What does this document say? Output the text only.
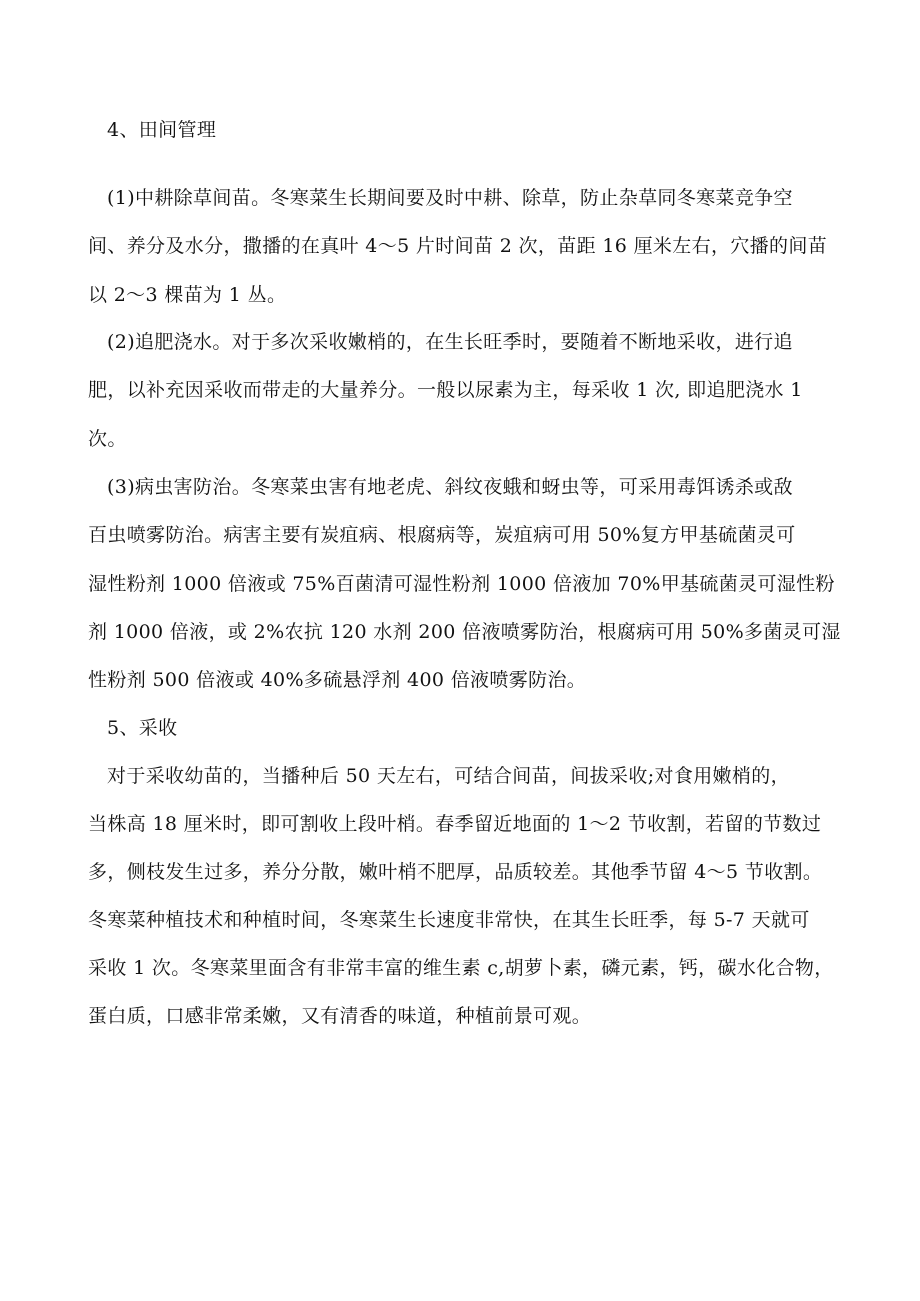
4、田间管理
(1)中耕除草间苗。冬寒菜生长期间要及时中耕、除草，防止杂草同冬寒菜竞争空
间、养分及水分，撒播的在真叶 4～5 片时间苗 2 次，苗距 16 厘米左右，穴播的间苗
以 2～3 棵苗为 1 丛。
(2)追肥浇水。对于多次采收嫩梢的，在生长旺季时，要随着不断地采收，进行追
肥，以补充因采收而带走的大量养分。一般以尿素为主，每采收 1 次, 即追肥浇水 1
次。
(3)病虫害防治。冬寒菜虫害有地老虎、斜纹夜蛾和蚜虫等，可采用毒饵诱杀或敌
百虫喷雾防治。病害主要有炭疽病、根腐病等，炭疽病可用 50%复方甲基硫菌灵可
湿性粉剂 1000 倍液或 75%百菌清可湿性粉剂 1000 倍液加 70%甲基硫菌灵可湿性粉
剂 1000 倍液，或 2%农抗 120 水剂 200 倍液喷雾防治，根腐病可用 50%多菌灵可湿
性粉剂 500 倍液或 40%多硫悬浮剂 400 倍液喷雾防治。
5、采收
对于采收幼苗的，当播种后 50 天左右，可结合间苗，间拔采收;对食用嫩梢的，
当株高 18 厘米时，即可割收上段叶梢。春季留近地面的 1～2 节收割，若留的节数过
多，侧枝发生过多，养分分散，嫩叶梢不肥厚，品质较差。其他季节留 4～5 节收割。
冬寒菜种植技术和种植时间，冬寒菜生长速度非常快，在其生长旺季，每 5-7 天就可
采收 1 次。冬寒菜里面含有非常丰富的维生素 c,胡萝卜素，磷元素，钙，碳水化合物，
蛋白质，口感非常柔嫩，又有清香的味道，种植前景可观。
